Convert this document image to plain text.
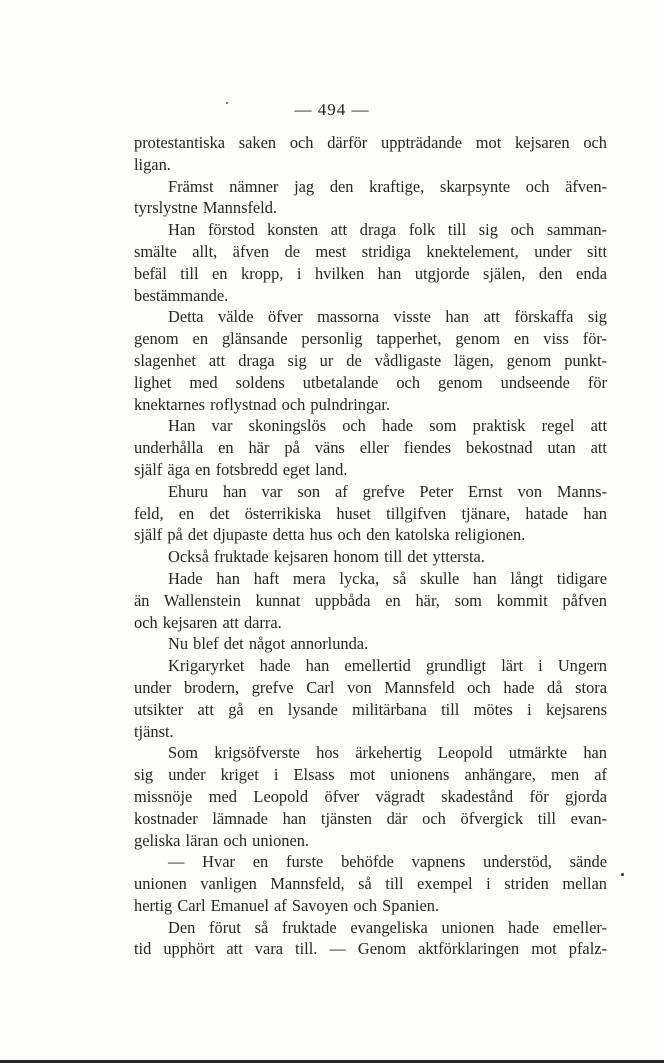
— 494 —
protestantiska saken och därför uppträdande mot kejsaren och
ligan.
Främst nämner jag den kraftige, skarpsynte och äfven-
tyrslystne Mannsfeld.
Han förstod konsten att draga folk till sig och samman-
smälte allt, äfven de mest stridiga knektelement, under sitt
befäl till en kropp, i hvilken han utgjorde själen, den enda
bestämmande.
Detta välde öfver massorna visste han att förskaffa sig
genom en glänsande personlig tapperhet, genom en viss för-
slagenhet att draga sig ur de vådligaste lägen, genom punkt-
lighet med soldens utbetalande och genom undseende för
knektarnes roflystnad och pulndringar.
Han var skoningslös och hade som praktisk regel att
underhålla en här på väns eller fiendes bekostnad utan att
själf äga en fotsbredd eget land.
Ehuru han var son af grefve Peter Ernst von Manns-
feld, en det österrikiska huset tillgifven tjänare, hatade han
själf på det djupaste detta hus och den katolska religionen.
Också fruktade kejsaren honom till det yttersta.
Hade han haft mera lycka, så skulle han långt tidigare
än Wallenstein kunnat uppbåda en här, som kommit påfven
och kejsaren att darra.
Nu blef det något annorlunda.
Krigaryrket hade han emellertid grundligt lärt i Ungern
under brodern, grefve Carl von Mannsfeld och hade då stora
utsikter att gå en lysande militärbana till mötes i kejsarens
tjänst.
Som krigsöfverste hos ärkehertig Leopold utmärkte han
sig under kriget i Elsass mot unionens anhängare, men af
missnöje med Leopold öfver vägradt skadestånd för gjorda
kostnader lämnade han tjänsten där och öfvergick till evan-
geliska läran och unionen.
— Hvar en furste behöfde vapnens understöd, sände
unionen vanligen Mannsfeld, så till exempel i striden mellan
hertig Carl Emanuel af Savoyen och Spanien.
Den förut så fruktade evangeliska unionen hade emeller-
tid upphört att vara till. — Genom aktförklaringen mot pfalz-
